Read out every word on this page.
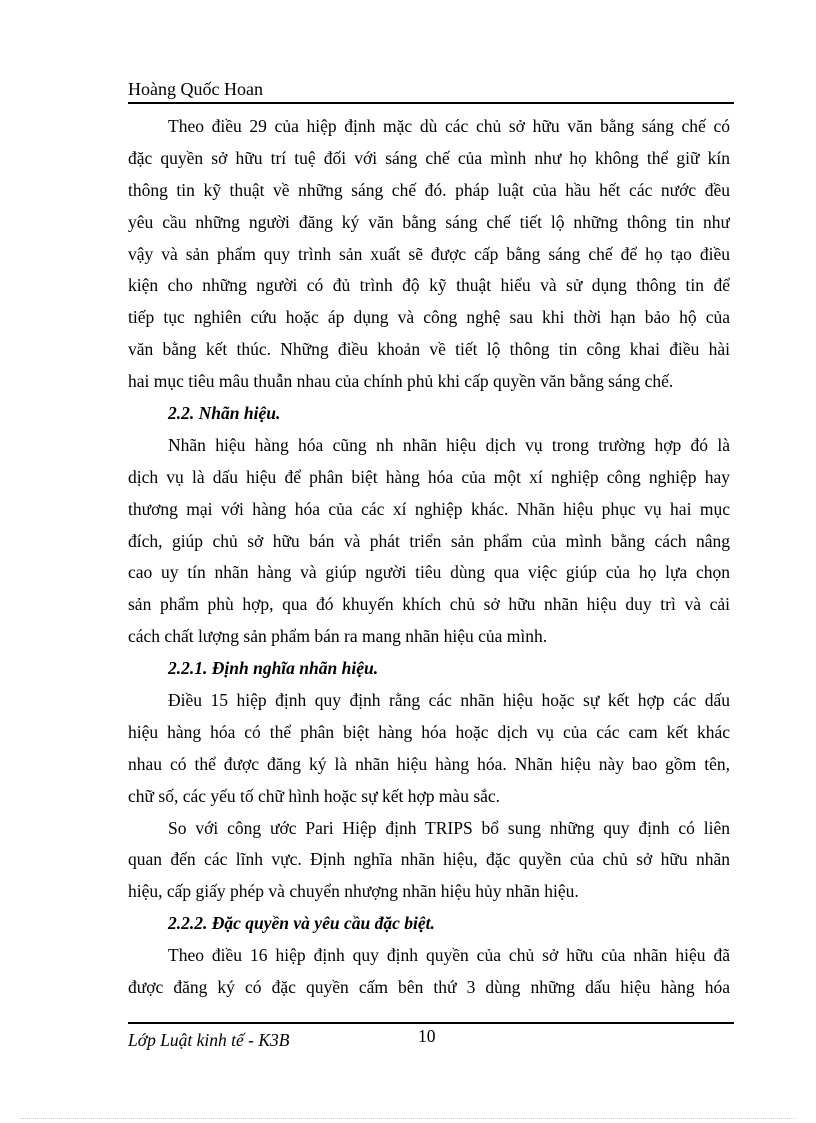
Hoàng Quốc Hoan
Theo điều 29 của hiệp định mặc dù các chủ sở hữu văn bằng sáng chế có
đặc quyền sở hữu trí tuệ đối với sáng chế của mình như họ không thể giữ kín
thông tin kỹ thuật về những sáng chế đó. pháp luật của hầu hết các nước đều
yêu cầu những người đăng ký văn bằng sáng chế tiết lộ những thông tin như
vậy và sản phẩm quy trình sản xuất sẽ được cấp bằng sáng chế để họ tạo điều
kiện cho những người có đủ trình độ kỹ thuật hiểu và sử dụng thông tin để
tiếp tục nghiên cứu hoặc áp dụng và công nghệ sau khi thời hạn bảo hộ của
văn bằng kết thúc. Những điều khoản về tiết lộ thông tin công khai điều hài
hai mục tiêu mâu thuẫn nhau của chính phủ khi cấp quyền văn bằng sáng chế.
2.2. Nhãn hiệu.
Nhãn hiệu hàng hóa cũng nh nhãn hiệu dịch vụ trong trường hợp đó là
dịch vụ là dấu hiệu để phân biệt hàng hóa của một xí nghiệp công nghiệp hay
thương mại với hàng hóa của các xí nghiệp khác. Nhãn hiệu phục vụ hai mục
đích, giúp chủ sở hữu bán và phát triển sản phẩm của mình bằng cách nâng
cao uy tín nhãn hàng và giúp người tiêu dùng qua việc giúp của họ lựa chọn
sản phẩm phù hợp, qua đó khuyến khích chủ sở hữu nhãn hiệu duy trì và cải
cách chất lượng sản phẩm bán ra mang nhãn hiệu của mình.
2.2.1. Định nghĩa nhãn hiệu.
Điều 15 hiệp định quy định rằng các nhãn hiệu hoặc sự kết hợp các dấu
hiệu hàng hóa có thể phân biệt hàng hóa hoặc dịch vụ của các cam kết khác
nhau có thể được đăng ký là nhãn hiệu hàng hóa. Nhãn hiệu này bao gồm tên,
chữ số, các yếu tố chữ hình hoặc sự kết hợp màu sắc.
So với công ước Pari Hiệp định TRIPS bổ sung những quy định có liên
quan đến các lĩnh vực. Định nghĩa nhãn hiệu, đặc quyền của chủ sở hữu nhãn
hiệu, cấp giấy phép và chuyển nhượng nhãn hiệu hủy nhãn hiệu.
2.2.2. Đặc quyền và yêu cầu đặc biệt.
Theo điều 16 hiệp định quy định quyền của chủ sở hữu của nhãn hiệu đã
được đăng ký có đặc quyền cấm bên thứ 3 dùng những dấu hiệu hàng hóa
Lớp Luật kinh tế - K3B	10
